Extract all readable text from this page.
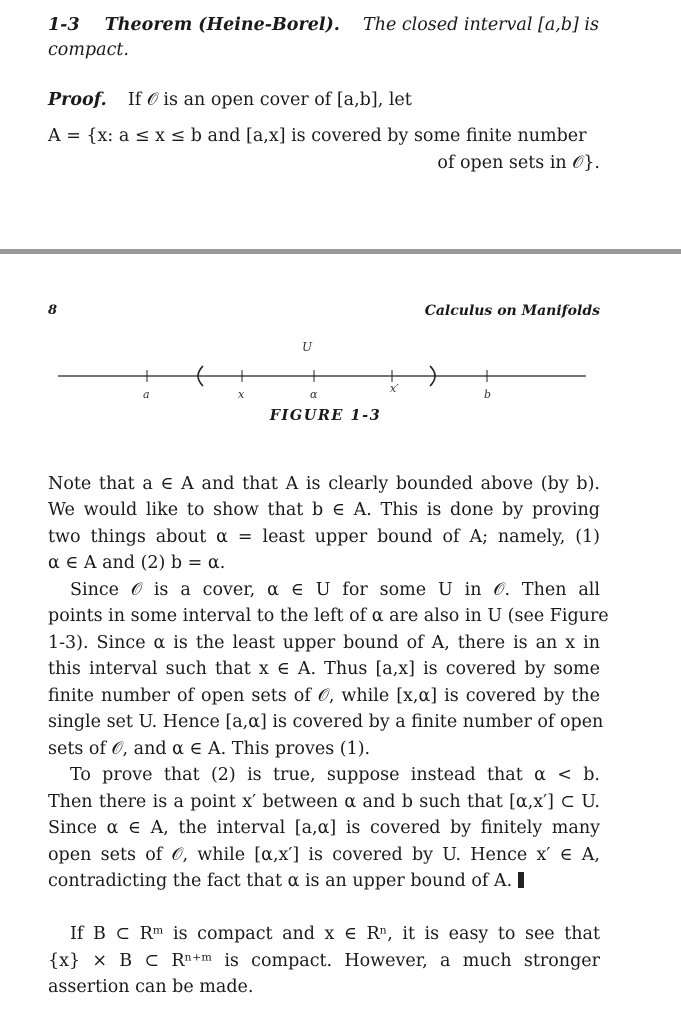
1-3 Theorem (Heine-Borel). The closed interval [a,b] is
compact.
Proof. If 𝒪 is an open cover of [a,b], let
A = {x: a ≤ x ≤ b and [a,x] is covered by some finite number
of open sets in 𝒪}.
8	Calculus on Manifolds
U
a	x	α	x′	b
FIGURE 1-3
Note that a ∈ A and that A is clearly bounded above (by b).
We would like to show that b ∈ A. This is done by proving
two things about α = least upper bound of A; namely, (1)
α ∈ A and (2) b = α.
Since 𝒪 is a cover, α ∈ U for some U in 𝒪. Then all
points in some interval to the left of α are also in U (see Figure
1-3). Since α is the least upper bound of A, there is an x in
this interval such that x ∈ A. Thus [a,x] is covered by some
finite number of open sets of 𝒪, while [x,α] is covered by the
single set U. Hence [a,α] is covered by a finite number of open
sets of 𝒪, and α ∈ A. This proves (1).
To prove that (2) is true, suppose instead that α < b.
Then there is a point x′ between α and b such that [α,x′] ⊂ U.
Since α ∈ A, the interval [a,α] is covered by finitely many
open sets of 𝒪, while [α,x′] is covered by U. Hence x′ ∈ A,
contradicting the fact that α is an upper bound of A.
If B ⊂ Rᵐ is compact and x ∈ Rⁿ, it is easy to see that
{x} × B ⊂ Rⁿ⁺ᵐ is compact. However, a much stronger
assertion can be made.
